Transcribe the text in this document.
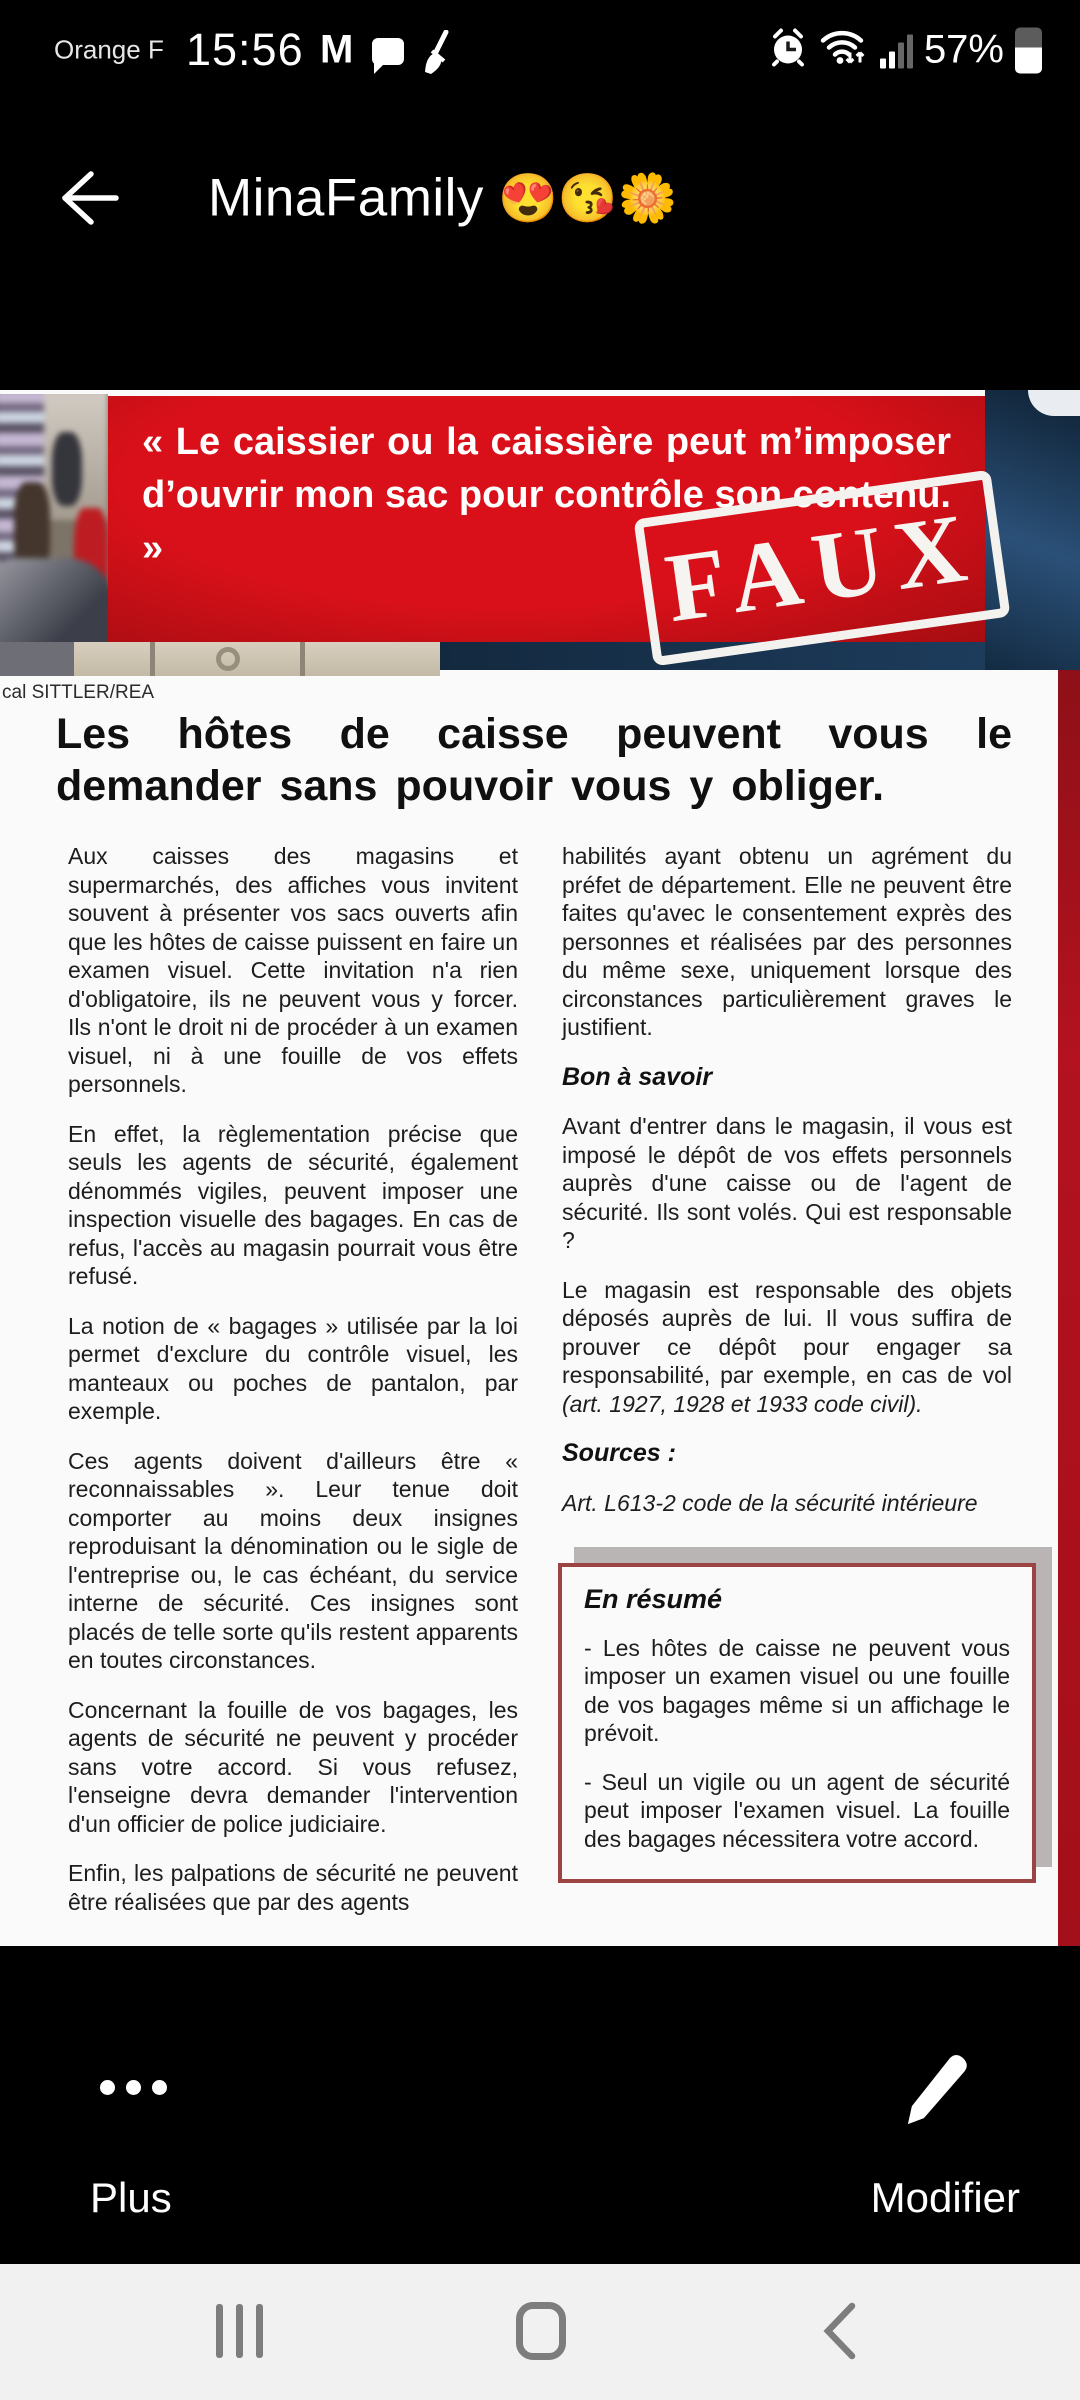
Orange F 15:56 M	57%
MinaFamily 😍😘🌼
« Le caissier ou la caissière peut m’imposer d’ouvrir mon sac pour contrôle son contenu. »	FAUX
cal SITTLER/REA
Les hôtes de caisse peuvent vous le demander sans pouvoir vous y obliger.

Aux caisses des magasins et supermarchés, des affiches vous invitent souvent à présenter vos sacs ouverts afin que les hôtes de caisse puissent en faire un examen visuel. Cette invitation n'a rien d'obligatoire, ils ne peuvent vous y forcer. Ils n'ont le droit ni de procéder à un examen visuel, ni à une fouille de vos effets personnels.

En effet, la règlementation précise que seuls les agents de sécurité, également dénommés vigiles, peuvent imposer une inspection visuelle des bagages. En cas de refus, l'accès au magasin pourrait vous être refusé.

La notion de « bagages » utilisée par la loi permet d'exclure du contrôle visuel, les manteaux ou poches de pantalon, par exemple.

Ces agents doivent d'ailleurs être « reconnaissables ». Leur tenue doit comporter au moins deux insignes reproduisant la dénomination ou le sigle de l'entreprise ou, le cas échéant, du service interne de sécurité. Ces insignes sont placés de telle sorte qu'ils restent apparents en toutes circonstances.

Concernant la fouille de vos bagages, les agents de sécurité ne peuvent y procéder sans votre accord. Si vous refusez, l'enseigne devra demander l'intervention d'un officier de police judiciaire.

Enfin, les palpations de sécurité ne peuvent être réalisées que par des agents

habilités ayant obtenu un agrément du préfet de département. Elle ne peuvent être faites qu'avec le consentement exprès des personnes et réalisées par des personnes du même sexe, uniquement lorsque des circonstances particulièrement graves le justifient.

Bon à savoir

Avant d'entrer dans le magasin, il vous est imposé le dépôt de vos effets personnels auprès d'une caisse ou de l'agent de sécurité. Ils sont volés. Qui est responsable ?

Le magasin est responsable des objets déposés auprès de lui. Il vous suffira de prouver ce dépôt pour engager sa responsabilité, par exemple, en cas de vol (art. 1927, 1928 et 1933 code civil).

Sources :

Art. L613-2 code de la sécurité intérieure

En résumé

- Les hôtes de caisse ne peuvent vous imposer un examen visuel ou une fouille de vos bagages même si un affichage le prévoit.

- Seul un vigile ou un agent de sécurité peut imposer l'examen visuel. La fouille des bagages nécessitera votre accord.

Plus	Modifier
